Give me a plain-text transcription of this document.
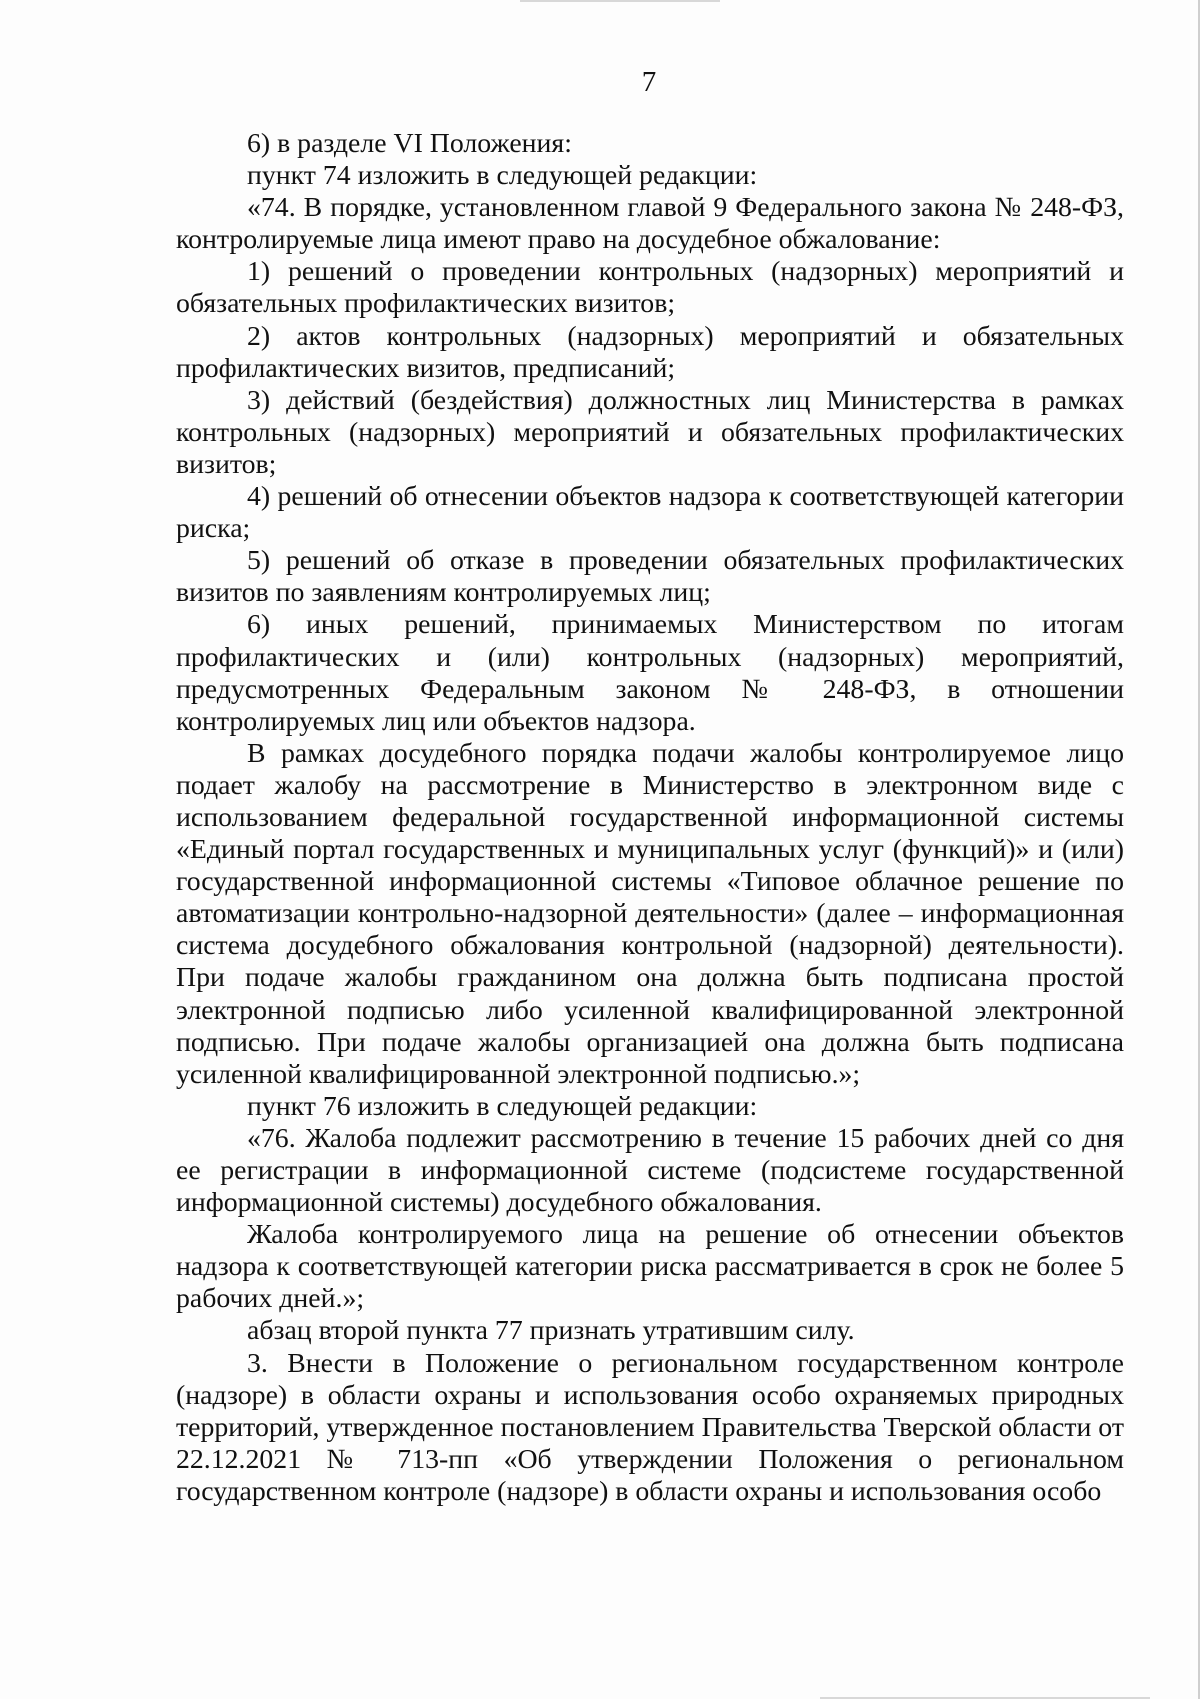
7

6) в разделе VI Положения:

пункт 74 изложить в следующей редакции:

«74. В порядке, установленном главой 9 Федерального закона № 248-ФЗ, контролируемые лица имеют право на досудебное обжалование:

1) решений о проведении контрольных (надзорных) мероприятий и обязательных профилактических визитов;

2) актов контрольных (надзорных) мероприятий и обязательных профилактических визитов, предписаний;

3) действий (бездействия) должностных лиц Министерства в рамках контрольных (надзорных) мероприятий и обязательных профилактических визитов;

4) решений об отнесении объектов надзора к соответствующей категории риска;

5) решений об отказе в проведении обязательных профилактических визитов по заявлениям контролируемых лиц;

6) иных решений, принимаемых Министерством по итогам профилактических и (или) контрольных (надзорных) мероприятий, предусмотренных Федеральным законом № 248-ФЗ, в отношении контролируемых лиц или объектов надзора.

В рамках досудебного порядка подачи жалобы контролируемое лицо подает жалобу на рассмотрение в Министерство в электронном виде с использованием федеральной государственной информационной системы «Единый портал государственных и муниципальных услуг (функций)» и (или) государственной информационной системы «Типовое облачное решение по автоматизации контрольно-надзорной деятельности» (далее – информационная система досудебного обжалования контрольной (надзорной) деятельности). При подаче жалобы гражданином она должна быть подписана простой электронной подписью либо усиленной квалифицированной электронной подписью. При подаче жалобы организацией она должна быть подписана усиленной квалифицированной электронной подписью.»;

пункт 76 изложить в следующей редакции:

«76. Жалоба подлежит рассмотрению в течение 15 рабочих дней со дня ее регистрации в информационной системе (подсистеме государственной информационной системы) досудебного обжалования.

Жалоба контролируемого лица на решение об отнесении объектов надзора к соответствующей категории риска рассматривается в срок не более 5 рабочих дней.»;

абзац второй пункта 77 признать утратившим силу.

3. Внести в Положение о региональном государственном контроле (надзоре) в области охраны и использования особо охраняемых природных территорий, утвержденное постановлением Правительства Тверской области от 22.12.2021 № 713-пп «Об утверждении Положения о региональном государственном контроле (надзоре) в области охраны и использования особо
